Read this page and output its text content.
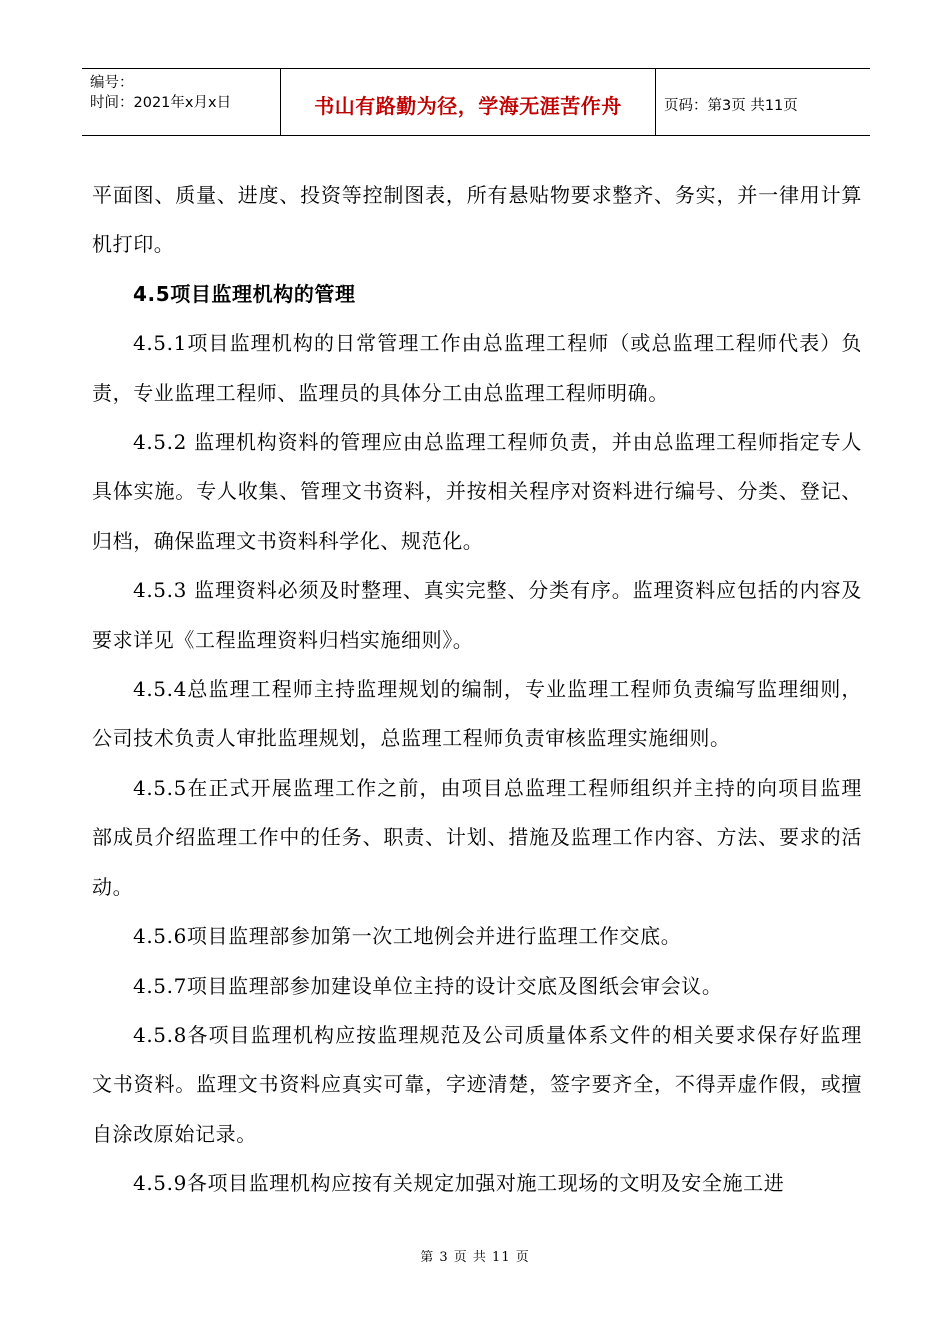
编号：
时间：2021年x月x日	书山有路勤为径，学海无涯苦作舟	页码：第3页 共11页

平面图、质量、进度、投资等控制图表，所有悬贴物要求整齐、务实，并一律用计算机打印。

4.5项目监理机构的管理

4.5.1项目监理机构的日常管理工作由总监理工程师（或总监理工程师代表）负责，专业监理工程师、监理员的具体分工由总监理工程师明确。

4.5.2 监理机构资料的管理应由总监理工程师负责，并由总监理工程师指定专人具体实施。专人收集、管理文书资料，并按相关程序对资料进行编号、分类、登记、归档，确保监理文书资料科学化、规范化。

4.5.3 监理资料必须及时整理、真实完整、分类有序。监理资料应包括的内容及要求详见《工程监理资料归档实施细则》。

4.5.4总监理工程师主持监理规划的编制，专业监理工程师负责编写监理细则，公司技术负责人审批监理规划，总监理工程师负责审核监理实施细则。

4.5.5在正式开展监理工作之前，由项目总监理工程师组织并主持的向项目监理部成员介绍监理工作中的任务、职责、计划、措施及监理工作内容、方法、要求的活动。

4.5.6项目监理部参加第一次工地例会并进行监理工作交底。

4.5.7项目监理部参加建设单位主持的设计交底及图纸会审会议。

4.5.8各项目监理机构应按监理规范及公司质量体系文件的相关要求保存好监理文书资料。监理文书资料应真实可靠，字迹清楚，签字要齐全，不得弄虚作假，或擅自涂改原始记录。

4.5.9各项目监理机构应按有关规定加强对施工现场的文明及安全施工进

第 3 页 共 11 页
